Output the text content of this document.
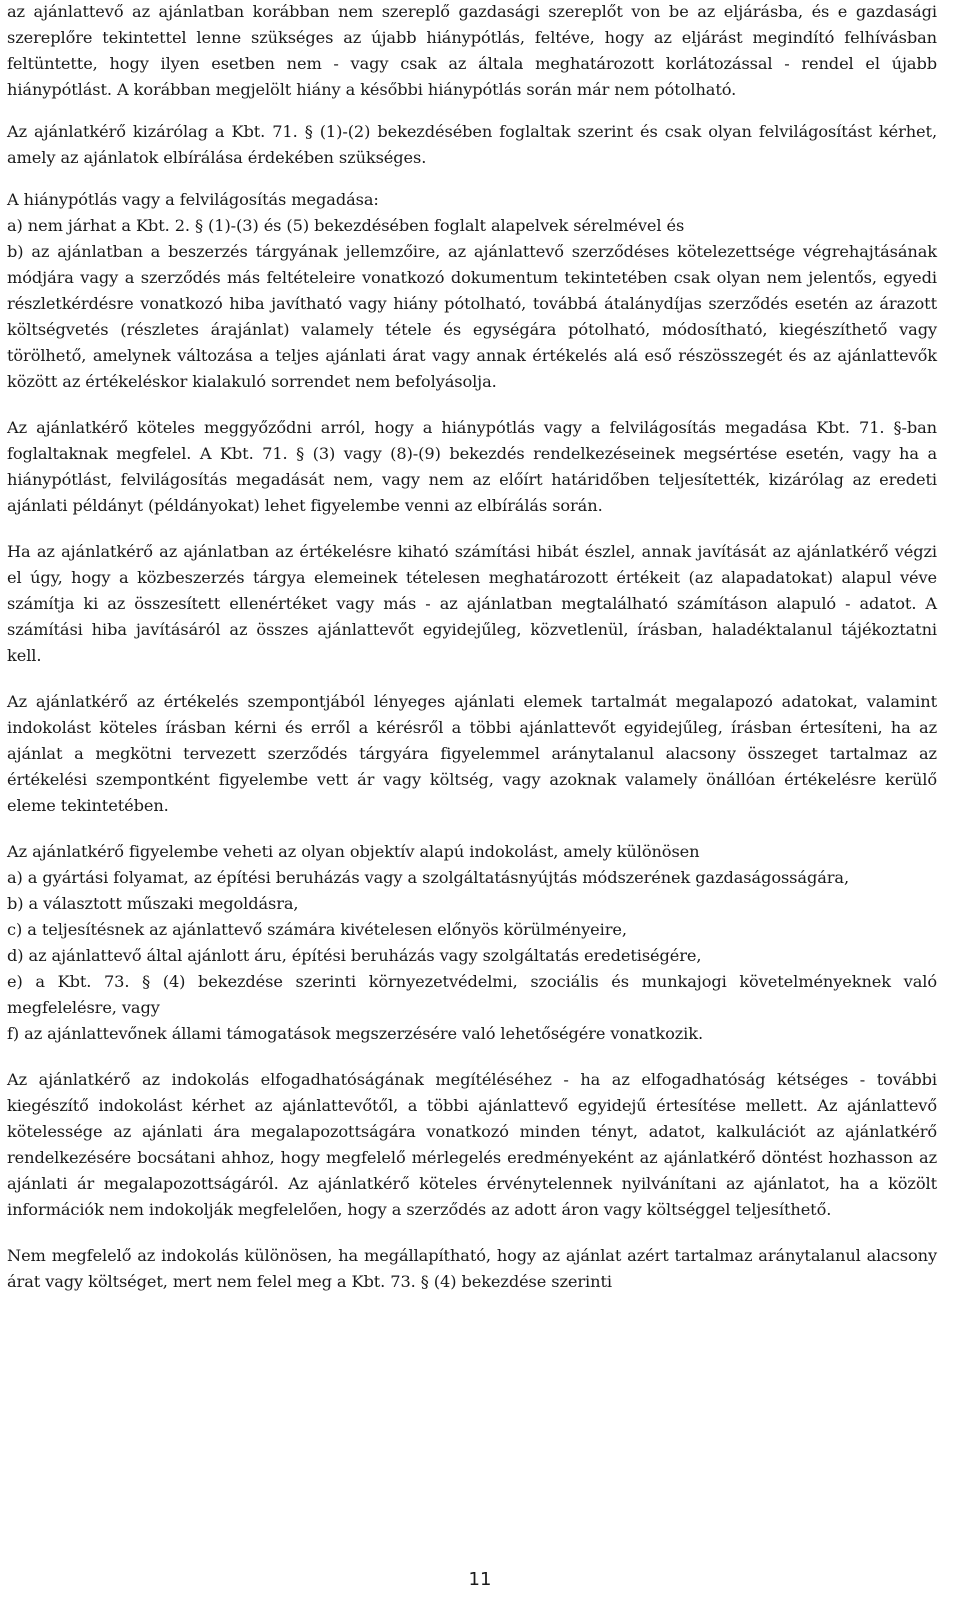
az ajánlattevő az ajánlatban korábban nem szereplő gazdasági szereplőt von be az eljárásba, és e gazdasági szereplőre tekintettel lenne szükséges az újabb hiánypótlás, feltéve, hogy az eljárást megindító felhívásban feltüntette, hogy ilyen esetben nem - vagy csak az általa meghatározott korlátozással - rendel el újabb hiánypótlást. A korábban megjelölt hiány a későbbi hiánypótlás során már nem pótolható.

Az ajánlatkérő kizárólag a Kbt. 71. § (1)-(2) bekezdésében foglaltak szerint és csak olyan felvilágosítást kérhet, amely az ajánlatok elbírálása érdekében szükséges.

A hiánypótlás vagy a felvilágosítás megadása:
a) nem járhat a Kbt. 2. § (1)-(3) és (5) bekezdésében foglalt alapelvek sérelmével és
b) az ajánlatban a beszerzés tárgyának jellemzőire, az ajánlattevő szerződéses kötelezettsége végrehajtásának módjára vagy a szerződés más feltételeire vonatkozó dokumentum tekintetében csak olyan nem jelentős, egyedi részletkérdésre vonatkozó hiba javítható vagy hiány pótolható, továbbá átalánydíjas szerződés esetén az árazott költségvetés (részletes árajánlat) valamely tétele és egységára pótolható, módosítható, kiegészíthető vagy törölhető, amelynek változása a teljes ajánlati árat vagy annak értékelés alá eső részösszegét és az ajánlattevők között az értékeléskor kialakuló sorrendet nem befolyásolja.

Az ajánlatkérő köteles meggyőződni arról, hogy a hiánypótlás vagy a felvilágosítás megadása Kbt. 71. §-ban foglaltaknak megfelel. A Kbt. 71. § (3) vagy (8)-(9) bekezdés rendelkezéseinek megsértése esetén, vagy ha a hiánypótlást, felvilágosítás megadását nem, vagy nem az előírt határidőben teljesítették, kizárólag az eredeti ajánlati példányt (példányokat) lehet figyelembe venni az elbírálás során.

Ha az ajánlatkérő az ajánlatban az értékelésre kiható számítási hibát észlel, annak javítását az ajánlatkérő végzi el úgy, hogy a közbeszerzés tárgya elemeinek tételesen meghatározott értékeit (az alapadatokat) alapul véve számítja ki az összesített ellenértéket vagy más - az ajánlatban megtalálható számításon alapuló - adatot. A számítási hiba javításáról az összes ajánlattevőt egyidejűleg, közvetlenül, írásban, haladéktalanul tájékoztatni kell.

Az ajánlatkérő az értékelés szempontjából lényeges ajánlati elemek tartalmát megalapozó adatokat, valamint indokolást köteles írásban kérni és erről a kérésről a többi ajánlattevőt egyidejűleg, írásban értesíteni, ha az ajánlat a megkötni tervezett szerződés tárgyára figyelemmel aránytalanul alacsony összeget tartalmaz az értékelési szempontként figyelembe vett ár vagy költség, vagy azoknak valamely önállóan értékelésre kerülő eleme tekintetében.

Az ajánlatkérő figyelembe veheti az olyan objektív alapú indokolást, amely különösen
a) a gyártási folyamat, az építési beruházás vagy a szolgáltatásnyújtás módszerének gazdaságosságára,
b) a választott műszaki megoldásra,
c) a teljesítésnek az ajánlattevő számára kivételesen előnyös körülményeire,
d) az ajánlattevő által ajánlott áru, építési beruházás vagy szolgáltatás eredetiségére,
e) a Kbt. 73. § (4) bekezdése szerinti környezetvédelmi, szociális és munkajogi követelményeknek való megfelelésre, vagy
f) az ajánlattevőnek állami támogatások megszerzésére való lehetőségére vonatkozik.

Az ajánlatkérő az indokolás elfogadhatóságának megítéléséhez - ha az elfogadhatóság kétséges - további kiegészítő indokolást kérhet az ajánlattevőtől, a többi ajánlattevő egyidejű értesítése mellett. Az ajánlattevő kötelessége az ajánlati ára megalapozottságára vonatkozó minden tényt, adatot, kalkulációt az ajánlatkérő rendelkezésére bocsátani ahhoz, hogy megfelelő mérlegelés eredményeként az ajánlatkérő döntést hozhasson az ajánlati ár megalapozottságáról. Az ajánlatkérő köteles érvénytelennek nyilvánítani az ajánlatot, ha a közölt információk nem indokolják megfelelően, hogy a szerződés az adott áron vagy költséggel teljesíthető.

Nem megfelelő az indokolás különösen, ha megállapítható, hogy az ajánlat azért tartalmaz aránytalanul alacsony árat vagy költséget, mert nem felel meg a Kbt. 73. § (4) bekezdése szerinti

11
